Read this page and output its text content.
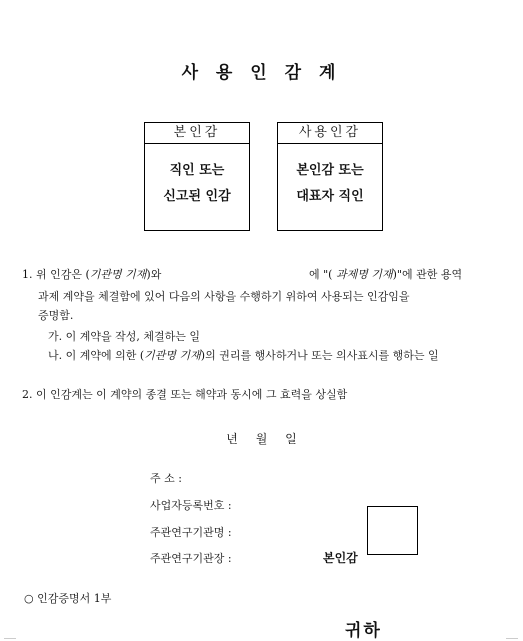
사 용 인 감 계
본인감
직인 또는
신고된 인감
사용인감
본인감 또는
대표자 직인
1. 위 인감은 (기관명 기재)와	에 "( 과제명 기재)"에 관한 용역
과제 계약을 체결함에 있어 다음의 사항을 수행하기 위하여 사용되는 인감임을
증명함.
가. 이 계약을 작성, 체결하는 일
나. 이 계약에 의한 (기관명 기재)의 권리를 행사하거나 또는 의사표시를 행하는 일
2. 이 인감계는 이 계약의 종결 또는 해약과 동시에 그 효력을 상실함
년 월 일
주 소 :
사업자등록번호 :
주관연구기관명 :
주관연구기관장 :	본인감
○ 인감증명서 1부
귀하
